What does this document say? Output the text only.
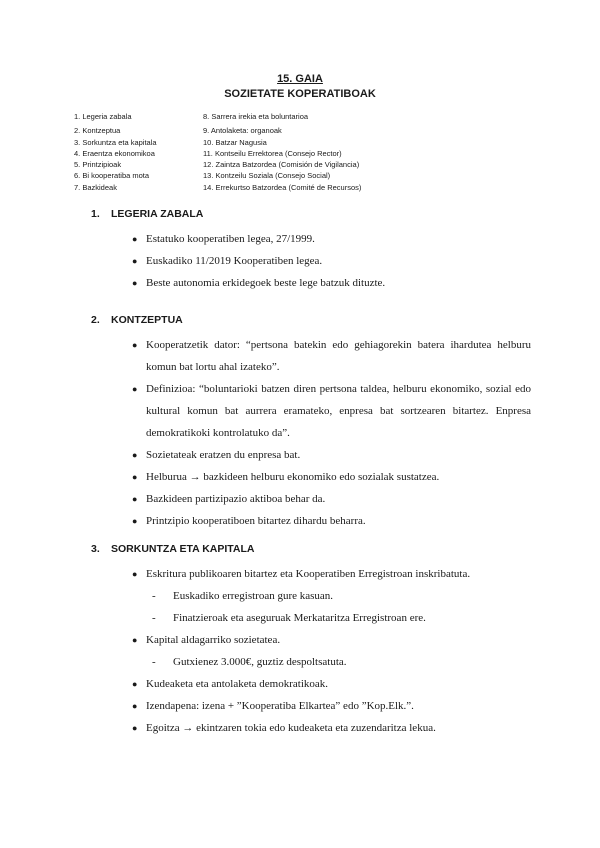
15. GAIA
SOZIETATE KOPERATIBOAK
1. Legeria zabala
2. Kontzeptua
3. Sorkuntza eta kapitala
4. Eraentza ekonomikoa
5. Printzipioak
6. Bi kooperatiba mota
7. Bazkideak
8. Sarrera irekia eta boluntarioa
9. Antolaketa: organoak
10. Batzar Nagusia
11. Kontseilu Errektorea (Consejo Rector)
12. Zaintza Batzordea (Comisión de Vigilancia)
13. Kontzeilu Soziala (Consejo Social)
14. Errekurtso Batzordea (Comité de Recursos)
1. LEGERIA ZABALA
● Estatuko kooperatiben legea, 27/1999.
● Euskadiko 11/2019 Kooperatiben legea.
● Beste autonomia erkidegoek beste lege batzuk dituzte.
2. KONTZEPTUA
● Kooperatzetik dator: “pertsona batekin edo gehiagorekin batera ihardutea helburu komun bat lortu ahal izateko”.
● Definizioa: “boluntarioki batzen diren pertsona taldea, helburu ekonomiko, sozial edo kultural komun bat aurrera eramateko, enpresa bat sortzearen bitartez. Enpresa demokratikoki kontrolatuko da”.
● Sozietateak eratzen du enpresa bat.
● Helburua → bazkideen helburu ekonomiko edo sozialak sustatzea.
● Bazkideen partizipazio aktiboa behar da.
● Printzipio kooperatiboen bitartez dihardu beharra.
3. SORKUNTZA ETA KAPITALA
● Eskritura publikoaren bitartez eta Kooperatiben Erregistroan inskribatuta.
- Euskadiko erregistroan gure kasuan.
- Finatzieroak eta aseguruak Merkataritza Erregistroan ere.
● Kapital aldagarriko sozietatea.
- Gutxienez 3.000€, guztiz despoltsatuta.
● Kudeaketa eta antolaketa demokratikoak.
● Izendapena: izena + ”Kooperatiba Elkartea” edo ”Kop.Elk.”.
● Egoitza → ekintzaren tokia edo kudeaketa eta zuzendaritza lekua.
